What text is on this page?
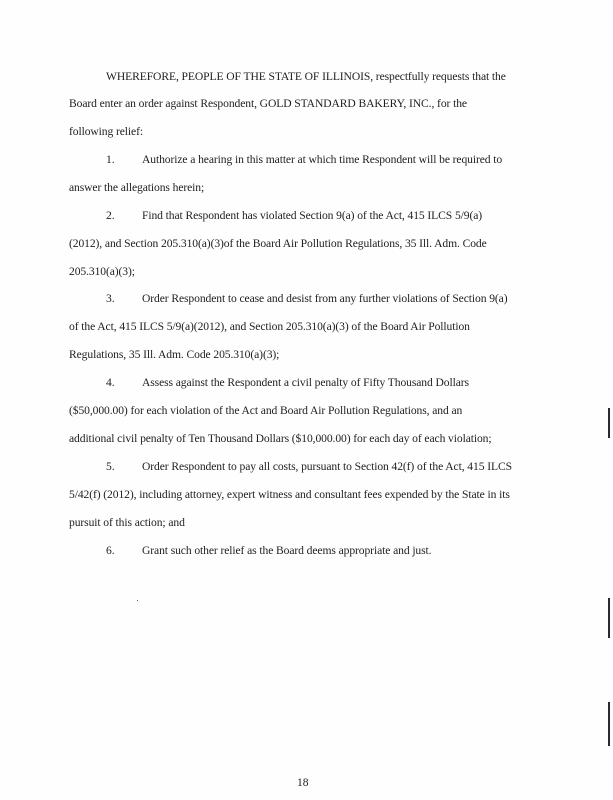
WHEREFORE, PEOPLE OF THE STATE OF ILLINOIS, respectfully requests that the
Board enter an order against Respondent, GOLD STANDARD BAKERY, INC., for the
following relief:
1. Authorize a hearing in this matter at which time Respondent will be required to
answer the allegations herein;
2. Find that Respondent has violated Section 9(a) of the Act, 415 ILCS 5/9(a)
(2012), and Section 205.310(a)(3)of the Board Air Pollution Regulations, 35 Ill. Adm. Code
205.310(a)(3);
3. Order Respondent to cease and desist from any further violations of Section 9(a)
of the Act, 415 ILCS 5/9(a)(2012), and Section 205.310(a)(3) of the Board Air Pollution
Regulations, 35 Ill. Adm. Code 205.310(a)(3);
4. Assess against the Respondent a civil penalty of Fifty Thousand Dollars
($50,000.00) for each violation of the Act and Board Air Pollution Regulations, and an
additional civil penalty of Ten Thousand Dollars ($10,000.00) for each day of each violation;
5. Order Respondent to pay all costs, pursuant to Section 42(f) of the Act, 415 ILCS
5/42(f) (2012), including attorney, expert witness and consultant fees expended by the State in its
pursuit of this action; and
6. Grant such other relief as the Board deems appropriate and just.
18
